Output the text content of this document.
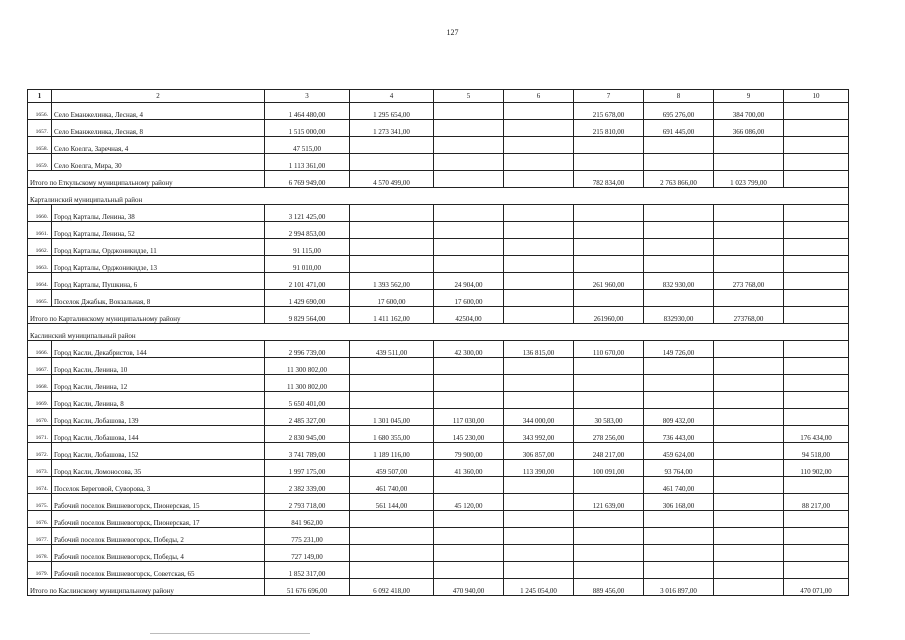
127
1	2	3	4	5	6	7	8	9	10
1656.	Село Еманжелинка, Лесная, 4	1 464 480,00	1 295 654,00			215 678,00	695 276,00	384 700,00	
1657.	Село Еманжелинка, Лесная, 8	1 515 000,00	1 273 341,00			215 810,00	691 445,00	366 086,00	
1658.	Село Коелга, Заречная, 4	47 515,00							
1659.	Село Коелга, Мира, 30	1 113 361,00							
Итого по Еткульскому муниципальному району		6 769 949,00	4 570 499,00			782 834,00	2 763 866,00	1 023 799,00	
Карталинский муниципальный район									
1660.	Город Карталы, Ленина, 38	3 121 425,00							
1661.	Город Карталы, Ленина, 52	2 994 853,00							
1662.	Город Карталы, Орджоникидзе, 11	91 115,00							
1663.	Город Карталы, Орджоникидзе, 13	91 010,00							
1664.	Город Карталы, Пушкина, 6	2 101 471,00	1 393 562,00	24 904,00		261 960,00	832 930,00	273 768,00	
1665.	Поселок Джабык, Вокзальная, 8	1 429 690,00	17 600,00	17 600,00					
Итого по Карталинскому муниципальному району		9 829 564,00	1 411 162,00	42504,00		261960,00	832930,00	273768,00	
Каслинский муниципальный район									
1666.	Город Касли, Декабристов, 144	2 996 739,00	439 511,00	42 300,00	136 815,00	110 670,00	149 726,00		
1667.	Город Касли, Ленина, 10	11 300 802,00							
1668.	Город Касли, Ленина, 12	11 300 802,00							
1669.	Город Касли, Ленина, 8	5 650 401,00							
1670.	Город Касли, Лобашова, 139	2 485 327,00	1 301 045,00	117 030,00	344 000,00	30 583,00	809 432,00		
1671.	Город Касли, Лобашова, 144	2 830 945,00	1 680 355,00	145 230,00	343 992,00	278 256,00	736 443,00		176 434,00
1672.	Город Касли, Лобашова, 152	3 741 789,00	1 189 116,00	79 900,00	306 857,00	248 217,00	459 624,00		94 518,00
1673.	Город Касли, Ломоносова, 35	1 997 175,00	459 507,00	41 360,00	113 390,00	100 091,00	93 764,00		110 902,00
1674.	Поселок Береговой, Суворова, 3	2 382 339,00	461 740,00				461 740,00		
1675.	Рабочий поселок Вишневогорск, Пионерская, 15	2 793 718,00	561 144,00	45 120,00		121 639,00	306 168,00		88 217,00
1676.	Рабочий поселок Вишневогорск, Пионерская, 17	841 962,00							
1677.	Рабочий поселок Вишневогорск, Победы, 2	775 231,00							
1678.	Рабочий поселок Вишневогорск, Победы, 4	727 149,00							
1679.	Рабочий поселок Вишневогорск, Советская, 65	1 852 317,00							
Итого по Каслинскому муниципальному району		51 676 696,00	6 092 418,00	470 940,00	1 245 054,00	889 456,00	3 016 897,00		470 071,00
